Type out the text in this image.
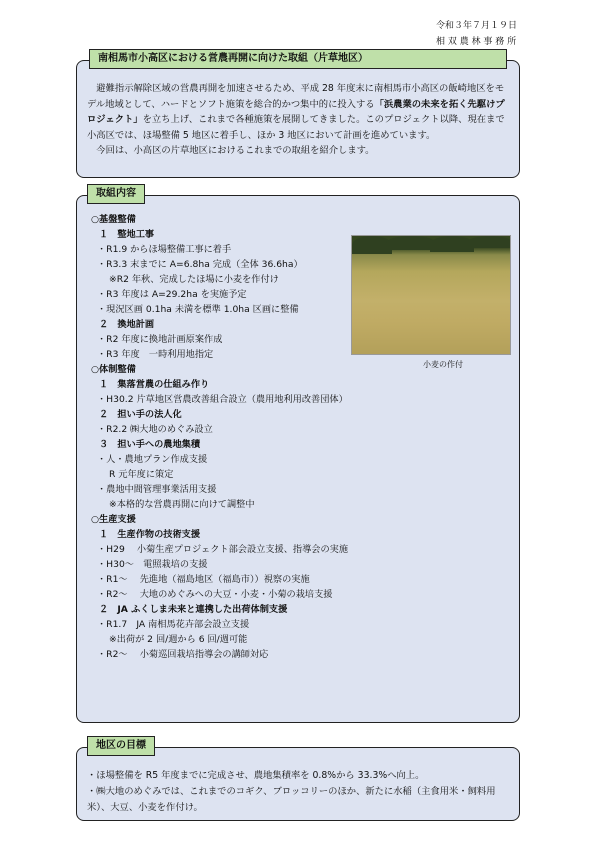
令和３年７月１９日
相 双 農 林 事 務 所
南相馬市小高区における営農再開に向けた取組（片草地区）

避難指示解除区域の営農再開を加速させるため、平成 28 年度末に南相馬市小高区の飯崎地区をモデル地域として、ハードとソフト施策を総合的かつ集中的に投入する「浜農業の未来を拓く先駆けプロジェクト」を立ち上げ、これまで各種施策を展開してきました。このプロジェクト以降、現在まで小高区では、ほ場整備 5 地区に着手し、ほか 3 地区において計画を進めています。

今回は、小高区の片草地区におけるこれまでの取組を紹介します。

取組内容
○基盤整備
１　整地工事
・R1.9 からほ場整備工事に着手
・R3.3 末までに A=6.8ha 完成（全体 36.6ha）
※R2 年秋、完成したほ場に小麦を作付け
・R3 年度は A=29.2ha を実施予定
・現況区画 0.1ha 未満を標準 1.0ha 区画に整備
２　換地計画
・R2 年度に換地計画原案作成
・R3 年度　一時利用地指定
○体制整備
１　集落営農の仕組み作り
・H30.2 片草地区営農改善組合設立（農用地利用改善団体）
２　担い手の法人化
・R2.2 ㈱大地のめぐみ設立
３　担い手への農地集積
・人・農地プラン作成支援
R 元年度に策定
・農地中間管理事業活用支援
※本格的な営農再開に向けて調整中
○生産支援
１　生産作物の技術支援
・H29　 小菊生産プロジェクト部会設立支援、指導会の実施
・H30～　電照栽培の支援
・R1～　 先進地（福島地区（福島市））視察の実施
・R2～　 大地のめぐみへの大豆・小麦・小菊の栽培支援
２　JA ふくしま未来と連携した出荷体制支援
・R1.7　JA 南相馬花卉部会設立支援
※出荷が 2 回/週から 6 回/週可能
・R2～　 小菊巡回栽培指導会の講師対応
小麦の作付
地区の目標
・ほ場整備を R5 年度までに完成させ、農地集積率を 0.8%から 33.3%へ向上。
・㈱大地のめぐみでは、これまでのコギク、ブロッコリーのほか、新たに水稲（主食用米・飼料用米）、大豆、小麦を作付け。
